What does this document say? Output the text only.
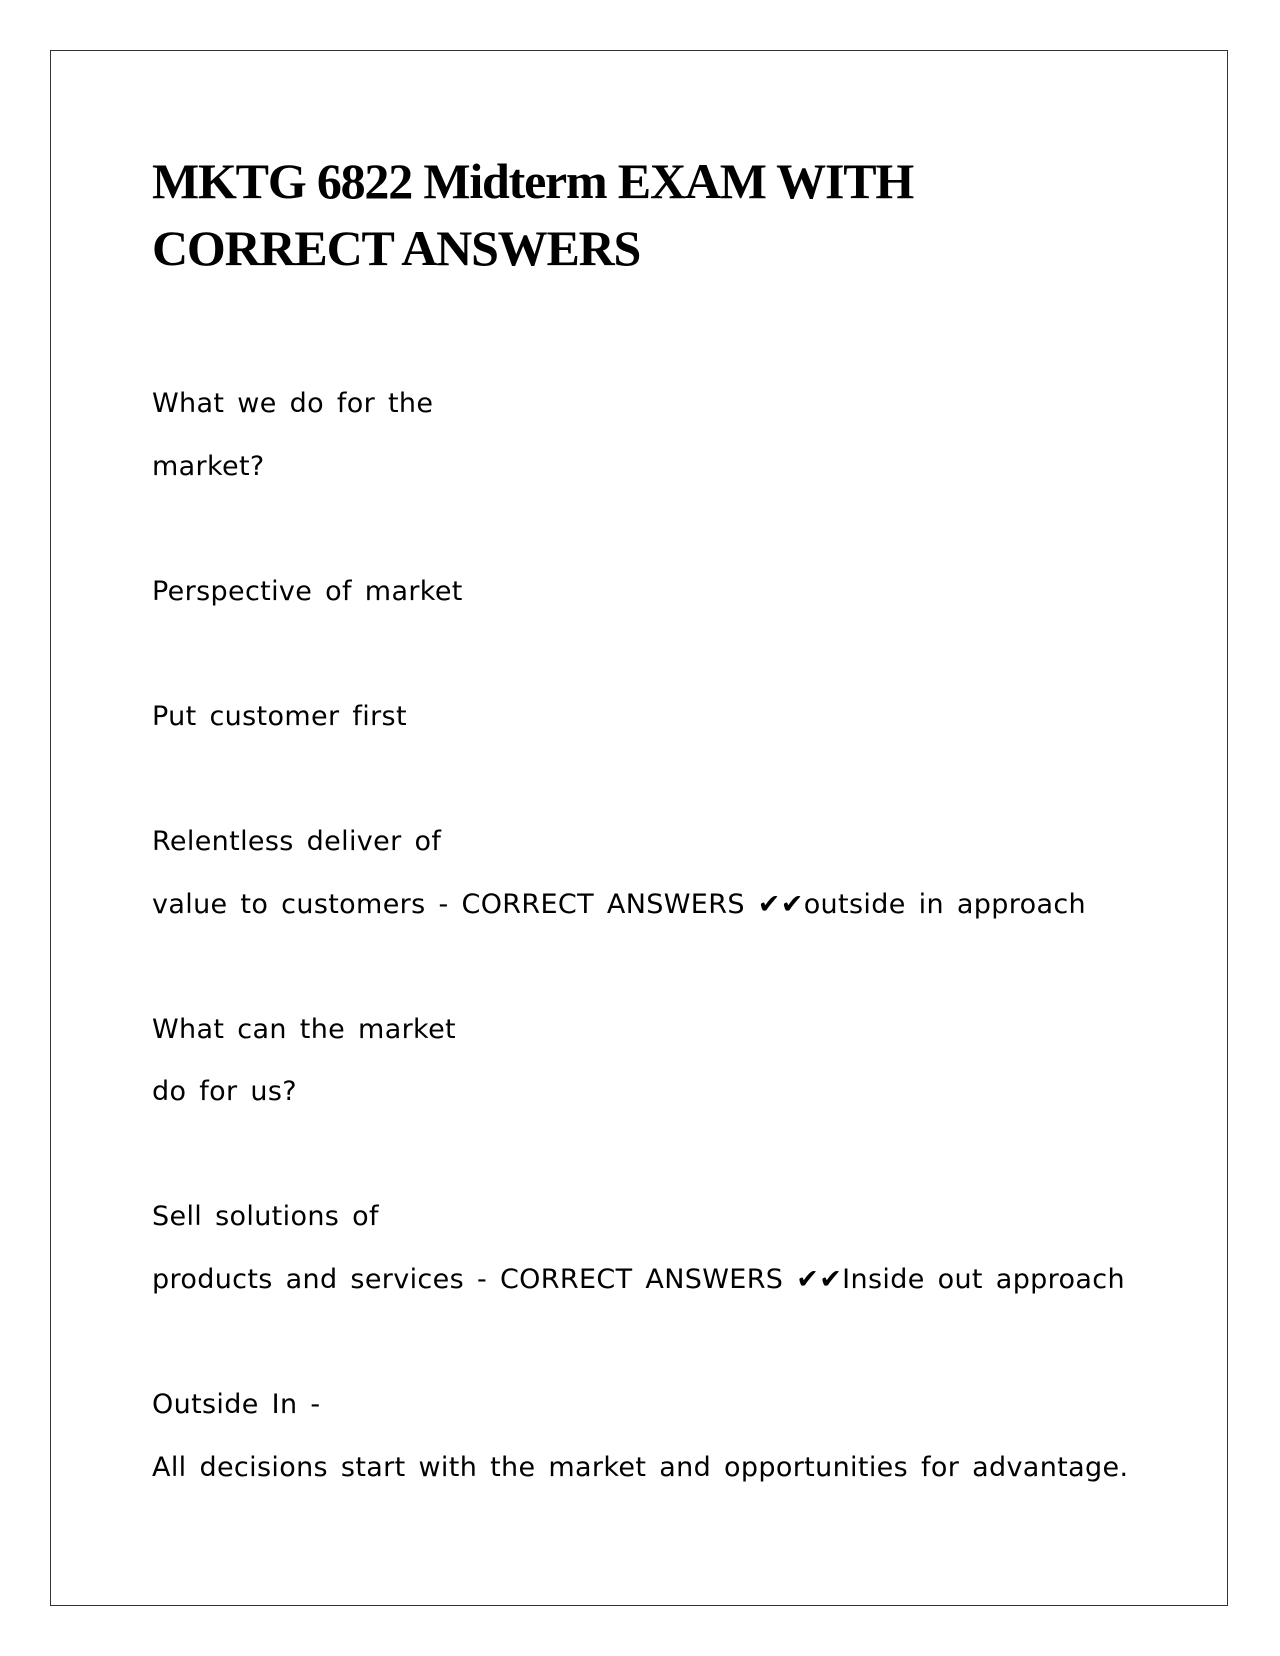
MKTG 6822 Midterm EXAM WITH
CORRECT ANSWERS

What we do for the

market?

Perspective of market

Put customer first

Relentless deliver of

value to customers - CORRECT ANSWERS ✔✔outside in approach

What can the market

do for us?

Sell solutions of

products and services - CORRECT ANSWERS ✔✔Inside out approach

Outside In -

All decisions start with the market and opportunities for advantage.
